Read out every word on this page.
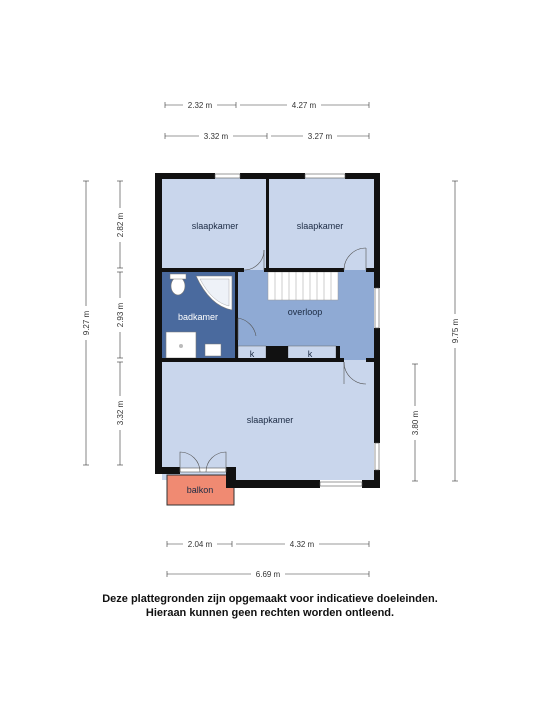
slaapkamer	slaapkamer
badkamer	overloop
k	k
slaapkamer
balkon
2.32 m	4.27 m
3.32 m	3.27 m
9.27 m
2.82 m
2.93 m
3.32 m
9.75 m
3.80 m
2.04 m	4.32 m
6.69 m
Deze plattegronden zijn opgemaakt voor indicatieve doeleinden.
Hieraan kunnen geen rechten worden ontleend.
